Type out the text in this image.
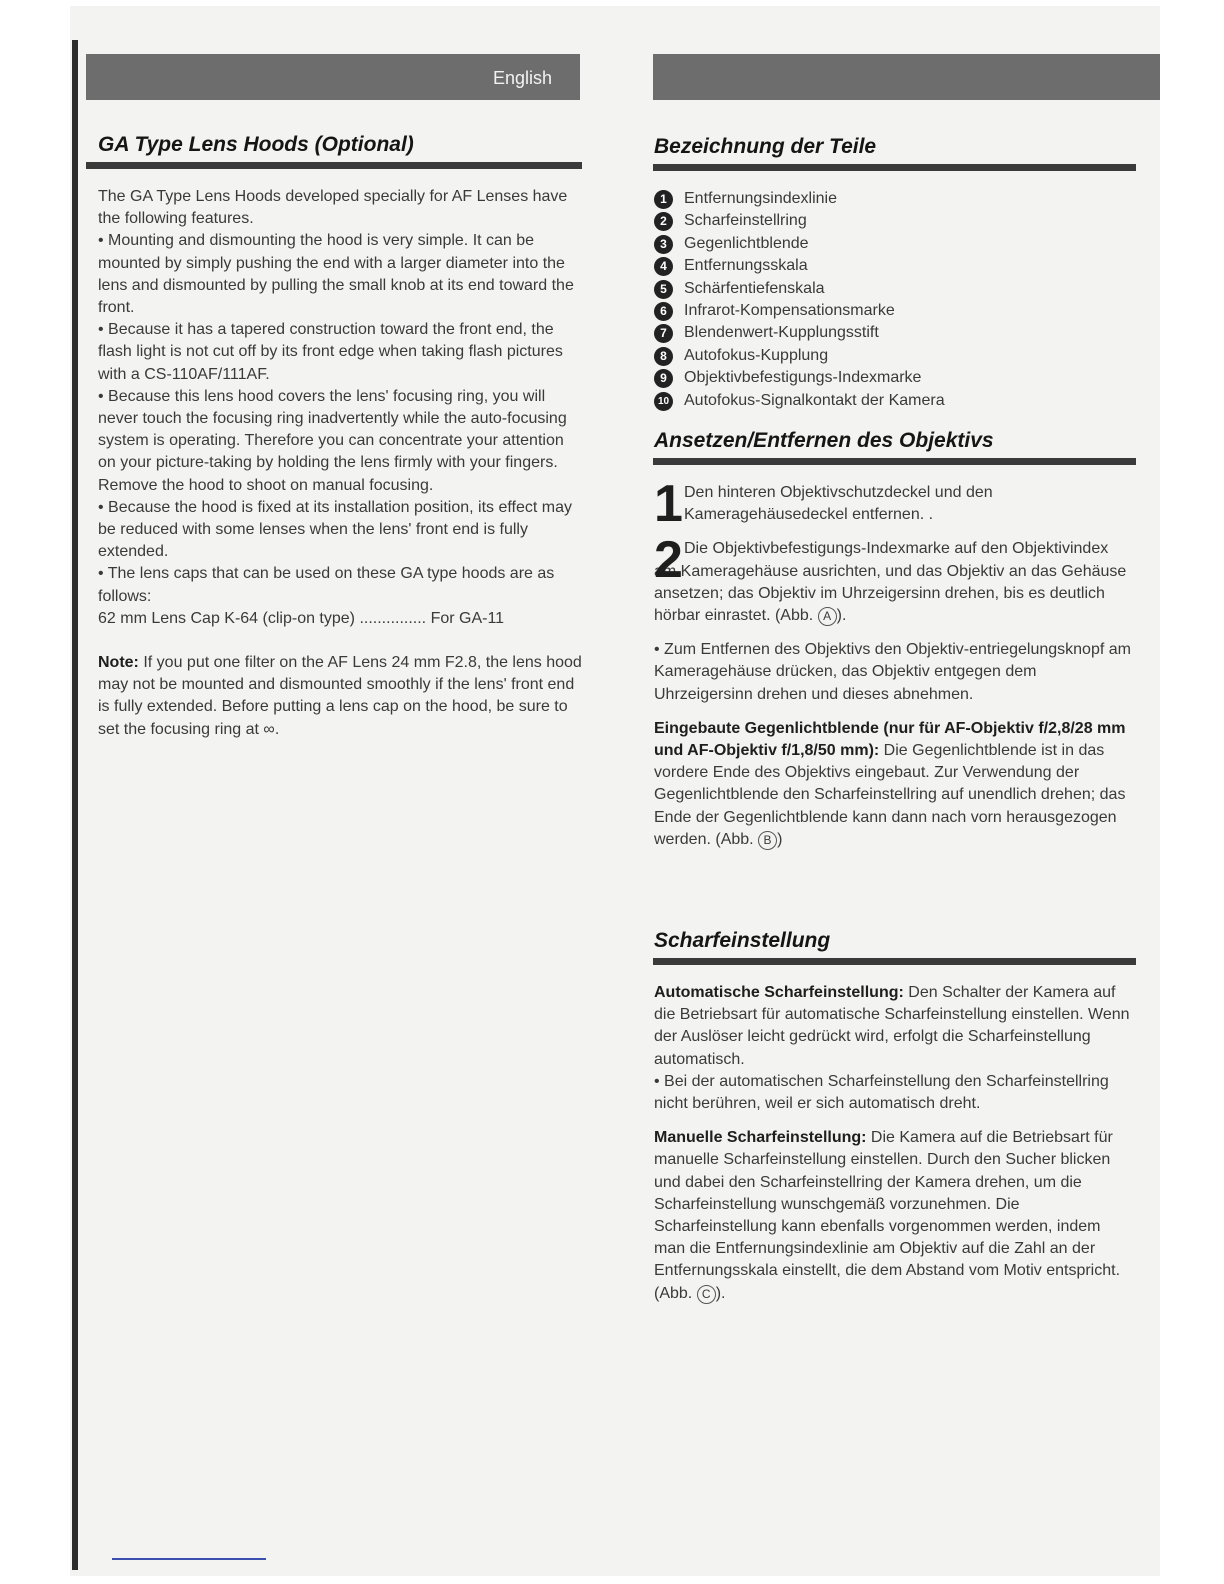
English
GA Type Lens Hoods (Optional)

The GA Type Lens Hoods developed specially for AF Lenses have the following features.

• Mounting and dismounting the hood is very simple. It can be mounted by simply pushing the end with a larger diameter into the lens and dismounted by pulling the small knob at its end toward the front.

• Because it has a tapered construction toward the front end, the flash light is not cut off by its front edge when taking flash pictures with a CS-110AF/111AF.

• Because this lens hood covers the lens' focusing ring, you will never touch the focusing ring inadvertently while the auto-focusing system is operating. Therefore you can concentrate your attention on your picture-taking by holding the lens firmly with your fingers. Remove the hood to shoot on manual focusing.

• Because the hood is fixed at its installation position, its effect may be reduced with some lenses when the lens' front end is fully extended.

• The lens caps that can be used on these GA type hoods are as follows:

62 mm Lens Cap K-64 (clip-on type) ............... For GA-11

Note: If you put one filter on the AF Lens 24 mm F2.8, the lens hood may not be mounted and dismounted smoothly if the lens' front end is fully extended. Before putting a lens cap on the hood, be sure to set the focusing ring at ∞.

Bezeichnung der Teile
1	Entfernungsindexlinie
2	Scharfeinstellring
3	Gegenlichtblende
4	Entfernungsskala
5	Schärfentiefenskala
6	Infrarot-Kompensationsmarke
7	Blendenwert-Kupplungsstift
8	Autofokus-Kupplung
9	Objektivbefestigungs-Indexmarke
10 Autofokus-Signalkontakt der Kamera
Ansetzen/Entfernen des Objektivs
1 Den hinteren Objektivschutzdeckel und den Kameragehäusedeckel entfernen. .
2 Die Objektivbefestigungs-Indexmarke auf den Objektivindex am Kameragehäuse ausrichten, und das Objektiv an das Gehäuse ansetzen; das Objektiv im Uhrzeigersinn drehen, bis es deutlich hörbar einrastet. (Abb. A ).

• Zum Entfernen des Objektivs den Objektiv-entriegelungsknopf am Kameragehäuse drücken, das Objektiv entgegen dem Uhrzeigersinn drehen und dieses abnehmen.

Eingebaute Gegenlichtblende (nur für AF-Objektiv f/2,8/28 mm und AF-Objektiv f/1,8/50 mm): Die Gegenlichtblende ist in das vordere Ende des Objektivs eingebaut. Zur Verwendung der Gegenlichtblende den Scharfeinstellring auf unendlich drehen; das Ende der Gegenlichtblende kann dann nach vorn herausgezogen werden. (Abb. B )

Scharfeinstellung

Automatische Scharfeinstellung: Den Schalter der Kamera auf die Betriebsart für automatische Scharfeinstellung einstellen. Wenn der Auslöser leicht gedrückt wird, erfolgt die Scharfeinstellung automatisch.

• Bei der automatischen Scharfeinstellung den Scharfeinstellring nicht berühren, weil er sich automatisch dreht.

Manuelle Scharfeinstellung: Die Kamera auf die Betriebsart für manuelle Scharfeinstellung einstellen. Durch den Sucher blicken und dabei den Scharfeinstellring der Kamera drehen, um die Scharfeinstellung wunschgemäß vorzunehmen. Die Scharfeinstellung kann ebenfalls vorgenommen werden, indem man die Entfernungsindexlinie am Objektiv auf die Zahl an der Entfernungsskala einstellt, die dem Abstand vom Motiv entspricht. (Abb. C ).
